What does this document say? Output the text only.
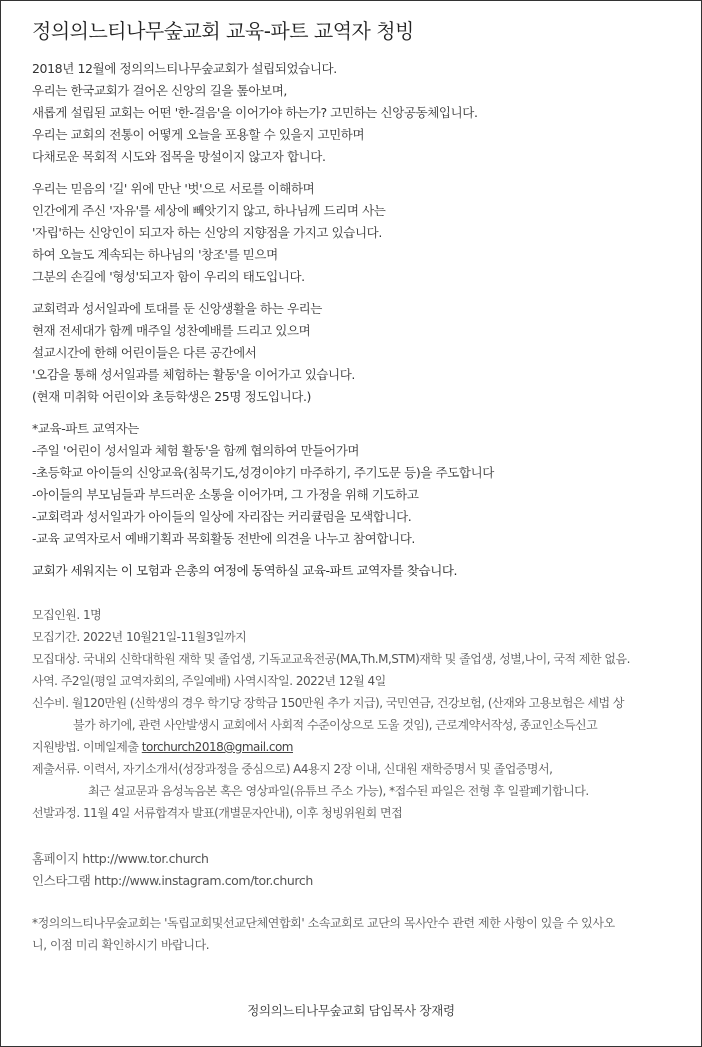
정의의느티나무숲교회 교육-파트 교역자 청빙
2018년 12월에 정의의느티나무숲교회가 설립되었습니다.
우리는 한국교회가 걸어온 신앙의 길을 톺아보며,
새롭게 설립된 교회는 어떤 '한-걸음'을 이어가야 하는가? 고민하는 신앙공동체입니다.
우리는 교회의 전통이 어떻게 오늘을 포용할 수 있을지 고민하며
다채로운 목회적 시도와 접목을 망설이지 않고자 합니다.
우리는 믿음의 '길' 위에 만난 '벗'으로 서로를 이해하며
인간에게 주신 '자유'를 세상에 빼앗기지 않고, 하나님께 드리며 사는
'자립'하는 신앙인이 되고자 하는 신앙의 지향점을 가지고 있습니다.
하여 오늘도 계속되는 하나님의 '창조'를 믿으며
그분의 손길에 '형성'되고자 함이 우리의 태도입니다.
교회력과 성서일과에 토대를 둔 신앙생활을 하는 우리는
현재 전세대가 함께 매주일 성찬예배를 드리고 있으며
설교시간에 한해 어린이들은 다른 공간에서
'오감을 통해 성서일과를 체험하는 활동'을 이어가고 있습니다.
(현재 미취학 어린이와 초등학생은 25명 정도입니다.)
*교육-파트 교역자는
-주일 '어린이 성서일과 체험 활동'을 함께 협의하여 만들어가며
-초등학교 아이들의 신앙교육(침묵기도,성경이야기 마주하기, 주기도문 등)을 주도합니다
-아이들의 부모님들과 부드러운 소통을 이어가며, 그 가정을 위해 기도하고
-교회력과 성서일과가 아이들의 일상에 자리잡는 커리큘럼을 모색합니다.
-교육 교역자로서 예배기획과 목회활동 전반에 의견을 나누고 참여합니다.
교회가 세워지는 이 모험과 은총의 여정에 동역하실 교육-파트 교역자를 찾습니다.
모집인원. 1명
모집기간. 2022년 10월21일-11월3일까지
모집대상. 국내외 신학대학원 재학 및 졸업생, 기독교교육전공(MA,Th.M,STM)재학 및 졸업생, 성별,나이, 국적 제한 없음.
사역. 주2일(평일 교역자회의, 주일예배) 사역시작일. 2022년 12월 4일
신수비. 월120만원 (신학생의 경우 학기당 장학금 150만원 추가 지급), 국민연금, 건강보험, (산재와 고용보험은 세법 상
불가 하기에, 관련 사안발생시 교회에서 사회적 수준이상으로 도울 것임), 근로계약서작성, 종교인소득신고
지원방법. 이메일제출 torchurch2018@gmail.com
제출서류. 이력서, 자기소개서(성장과정을 중심으로) A4용지 2장 이내, 신대원 재학증명서 및 졸업증명서,
최근 설교문과 음성녹음본 혹은 영상파일(유튜브 주소 가능), *접수된 파일은 전형 후 일괄폐기합니다.
선발과정. 11월 4일 서류합격자 발표(개별문자안내), 이후 청빙위원회 면접
홈페이지 http://www.tor.church
인스타그램 http://www.instagram.com/tor.church
*정의의느티나무숲교회는 '독립교회및선교단체연합회' 소속교회로 교단의 목사안수 관련 제한 사항이 있을 수 있사오
니, 이점 미리 확인하시기 바랍니다.
정의의느티나무숲교회 담임목사 장재령
